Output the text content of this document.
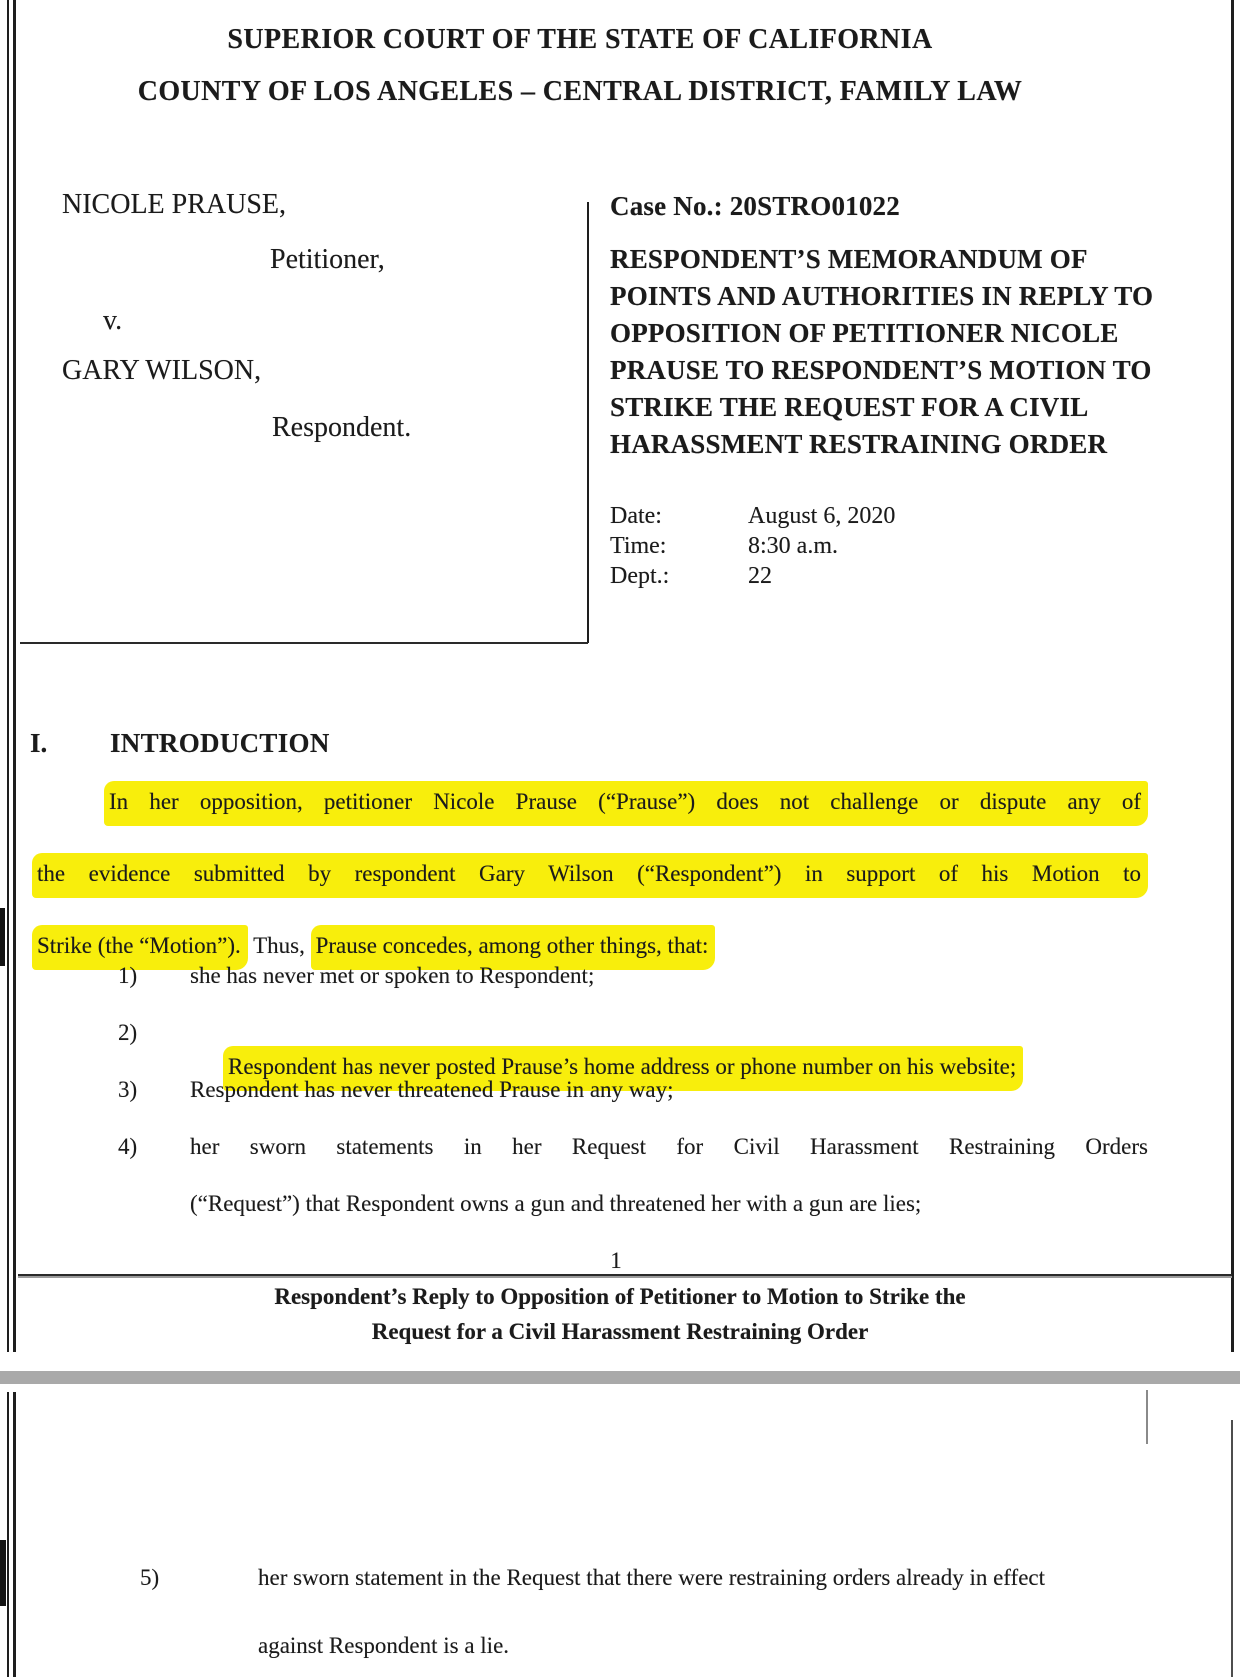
SUPERIOR COURT OF THE STATE OF CALIFORNIA
COUNTY OF LOS ANGELES – CENTRAL DISTRICT, FAMILY LAW
NICOLE PRAUSE,
Petitioner,
v.
GARY WILSON,
Respondent.
Case No.: 20STRO01022
RESPONDENT’S MEMORANDUM OF
POINTS AND AUTHORITIES IN REPLY TO
OPPOSITION OF PETITIONER NICOLE
PRAUSE TO RESPONDENT’S MOTION TO
STRIKE THE REQUEST FOR A CIVIL
HARASSMENT RESTRAINING ORDER
Date:	August 6, 2020
Time:	8:30 a.m.
Dept.:	22
I. INTRODUCTION
In her opposition, petitioner Nicole Prause (“Prause”) does not challenge or dispute any of
the evidence submitted by respondent Gary Wilson (“Respondent”) in support of his Motion to
Strike (the “Motion”). Thus, Prause concedes, among other things, that:
1) she has never met or spoken to Respondent;
2)

Respondent has never posted Prause’s home address or phone number on his website;

3) Respondent has never threatened Prause in any way;
4) her sworn statements in her Request for Civil Harassment Restraining Orders
(“Request”) that Respondent owns a gun and threatened her with a gun are lies;
1
Respondent’s Reply to Opposition of Petitioner to Motion to Strike the
Request for a Civil Harassment Restraining Order
5)	her sworn statement in the Request that there were restraining orders already in effect
against Respondent is a lie.
